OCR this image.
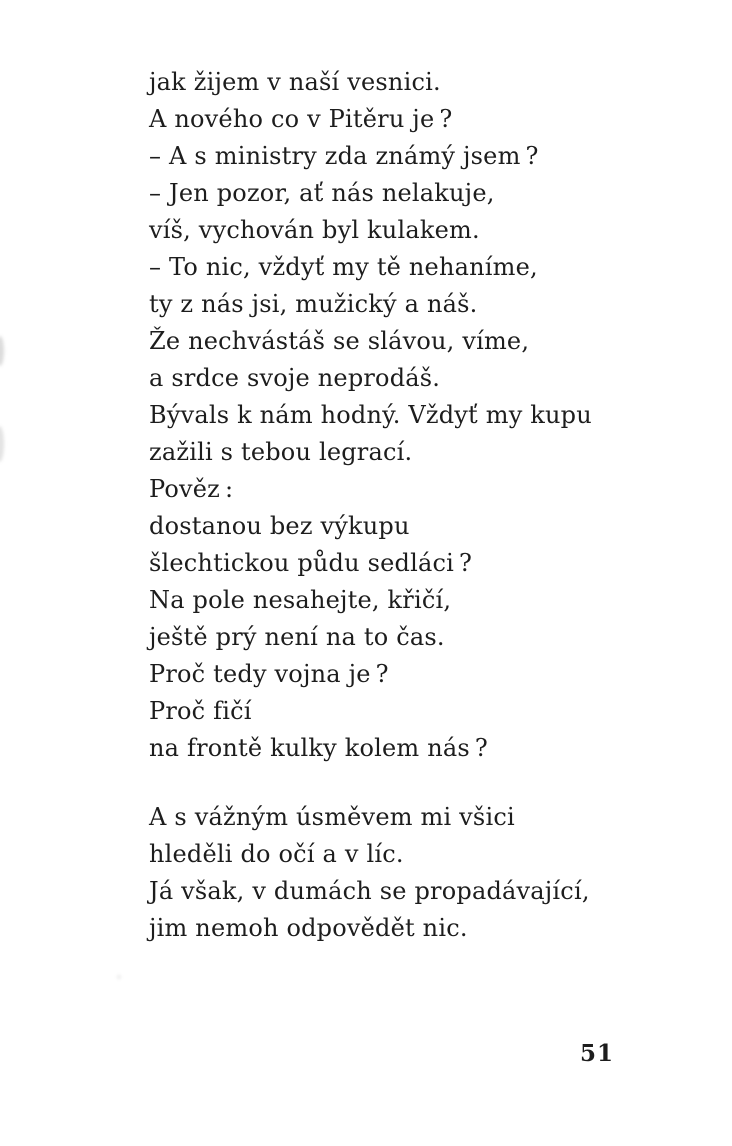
jak žijem v naší vesnici.
A nového co v Pitěru je ?
– A s ministry zda známý jsem ?
– Jen pozor, ať nás nelakuje,
víš, vychován byl kulakem.
– To nic, vždyť my tě nehaníme,
ty z nás jsi, mužický a náš.
Že nechvástáš se slávou, víme,
a srdce svoje neprodáš.
Bývals k nám hodný. Vždyť my kupu
zažili s tebou legrací.
Pověz :
dostanou bez výkupu
šlechtickou půdu sedláci ?
Na pole nesahejte, křičí,
ještě prý není na to čas.
Proč tedy vojna je ?
Proč fičí
na frontě kulky kolem nás ?
A s vážným úsměvem mi všici
hleděli do očí a v líc.
Já však, v dumách se propadávající,
jim nemoh odpovědět nic.
51
